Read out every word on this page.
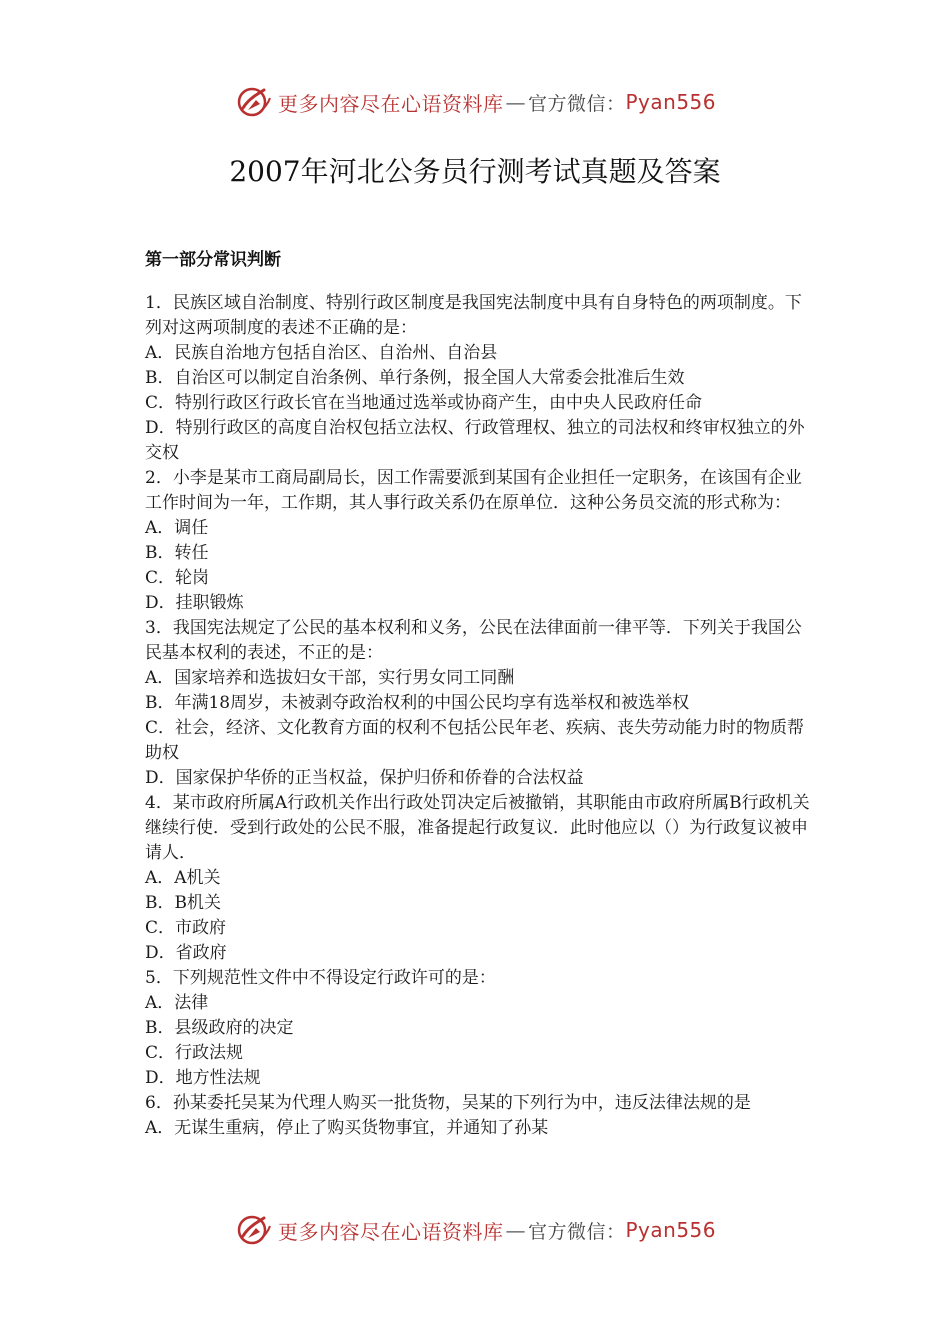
更多内容尽在心语资料库 — 官方微信： Pyan556
2007年河北公务员行测考试真题及答案
第一部分常识判断

1．民族区域自治制度、特别行政区制度是我国宪法制度中具有自身特色的两项制度。下列对这两项制度的表述不正确的是：

A．民族自治地方包括自治区、自治州、自治县

B．自治区可以制定自治条例、单行条例，报全国人大常委会批准后生效

C．特别行政区行政长官在当地通过选举或协商产生，由中央人民政府任命

D．特别行政区的高度自治权包括立法权、行政管理权、独立的司法权和终审权独立的外交权

2．小李是某市工商局副局长，因工作需要派到某国有企业担任一定职务，在该国有企业工作时间为一年，工作期，其人事行政关系仍在原单位．这种公务员交流的形式称为：

A．调任

B．转任

C．轮岗

D．挂职锻炼

3．我国宪法规定了公民的基本权利和义务，公民在法律面前一律平等．下列关于我国公民基本权利的表述，不正的是：

A．国家培养和选拔妇女干部，实行男女同工同酬

B．年满18周岁，未被剥夺政治权利的中国公民均享有选举权和被选举权

C．社会，经济、文化教育方面的权利不包括公民年老、疾病、丧失劳动能力时的物质帮助权

D．国家保护华侨的正当权益，保护归侨和侨眷的合法权益

4．某市政府所属A行政机关作出行政处罚决定后被撤销，其职能由市政府所属B行政机关继续行使．受到行政处的公民不服，准备提起行政复议．此时他应以（）为行政复议被申请人．

A．A机关

B．B机关

C．市政府

D．省政府

5．下列规范性文件中不得设定行政许可的是：

A．法律

B．县级政府的决定

C．行政法规

D．地方性法规

6．孙某委托吴某为代理人购买一批货物，吴某的下列行为中，违反法律法规的是

A．无谋生重病，停止了购买货物事宜，并通知了孙某

更多内容尽在心语资料库 — 官方微信： Pyan556
